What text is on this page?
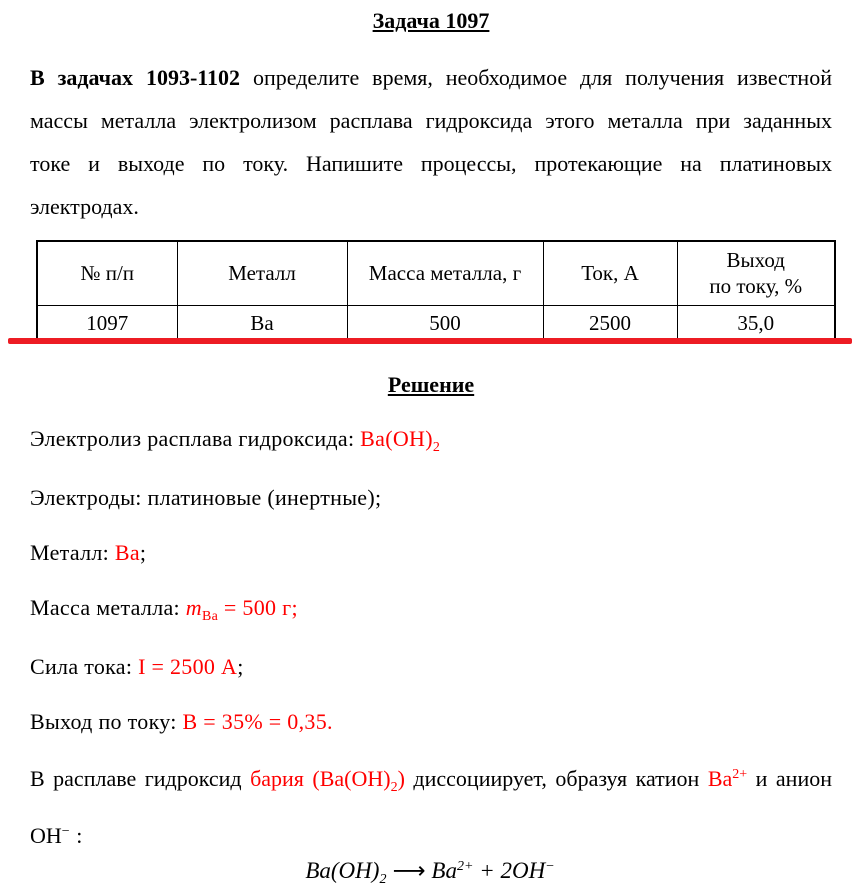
Задача 1097

В задачах 1093-1102 определите время, необходимое для получения известной массы металла электролизом расплава гидроксида этого металла при заданных токе и выходе по току. Напишите процессы, протекающие на платиновых электродах.

№ п/п	Металл	Масса металла, г	Ток, А	Выход
по току, %
1097	Ba	500	2500	35,0
Решение

Электролиз расплава гидроксида: $Ba(OH)_2$

Электроды: платиновые (инертные);

Металл: Ba;

Масса металла: $m_{Ba} = 500$ г;

Сила тока: I = 2500 А;

Выход по току: В = 35% = 0,35.

В расплаве гидроксид бария $(Ba(OH)_2)$ диссоциирует, образуя катион $Ba^{2+}$ и анион OH− :

$Ba(OH)_2$ ⟶ $Ba^{2+} + 2OH^-$
